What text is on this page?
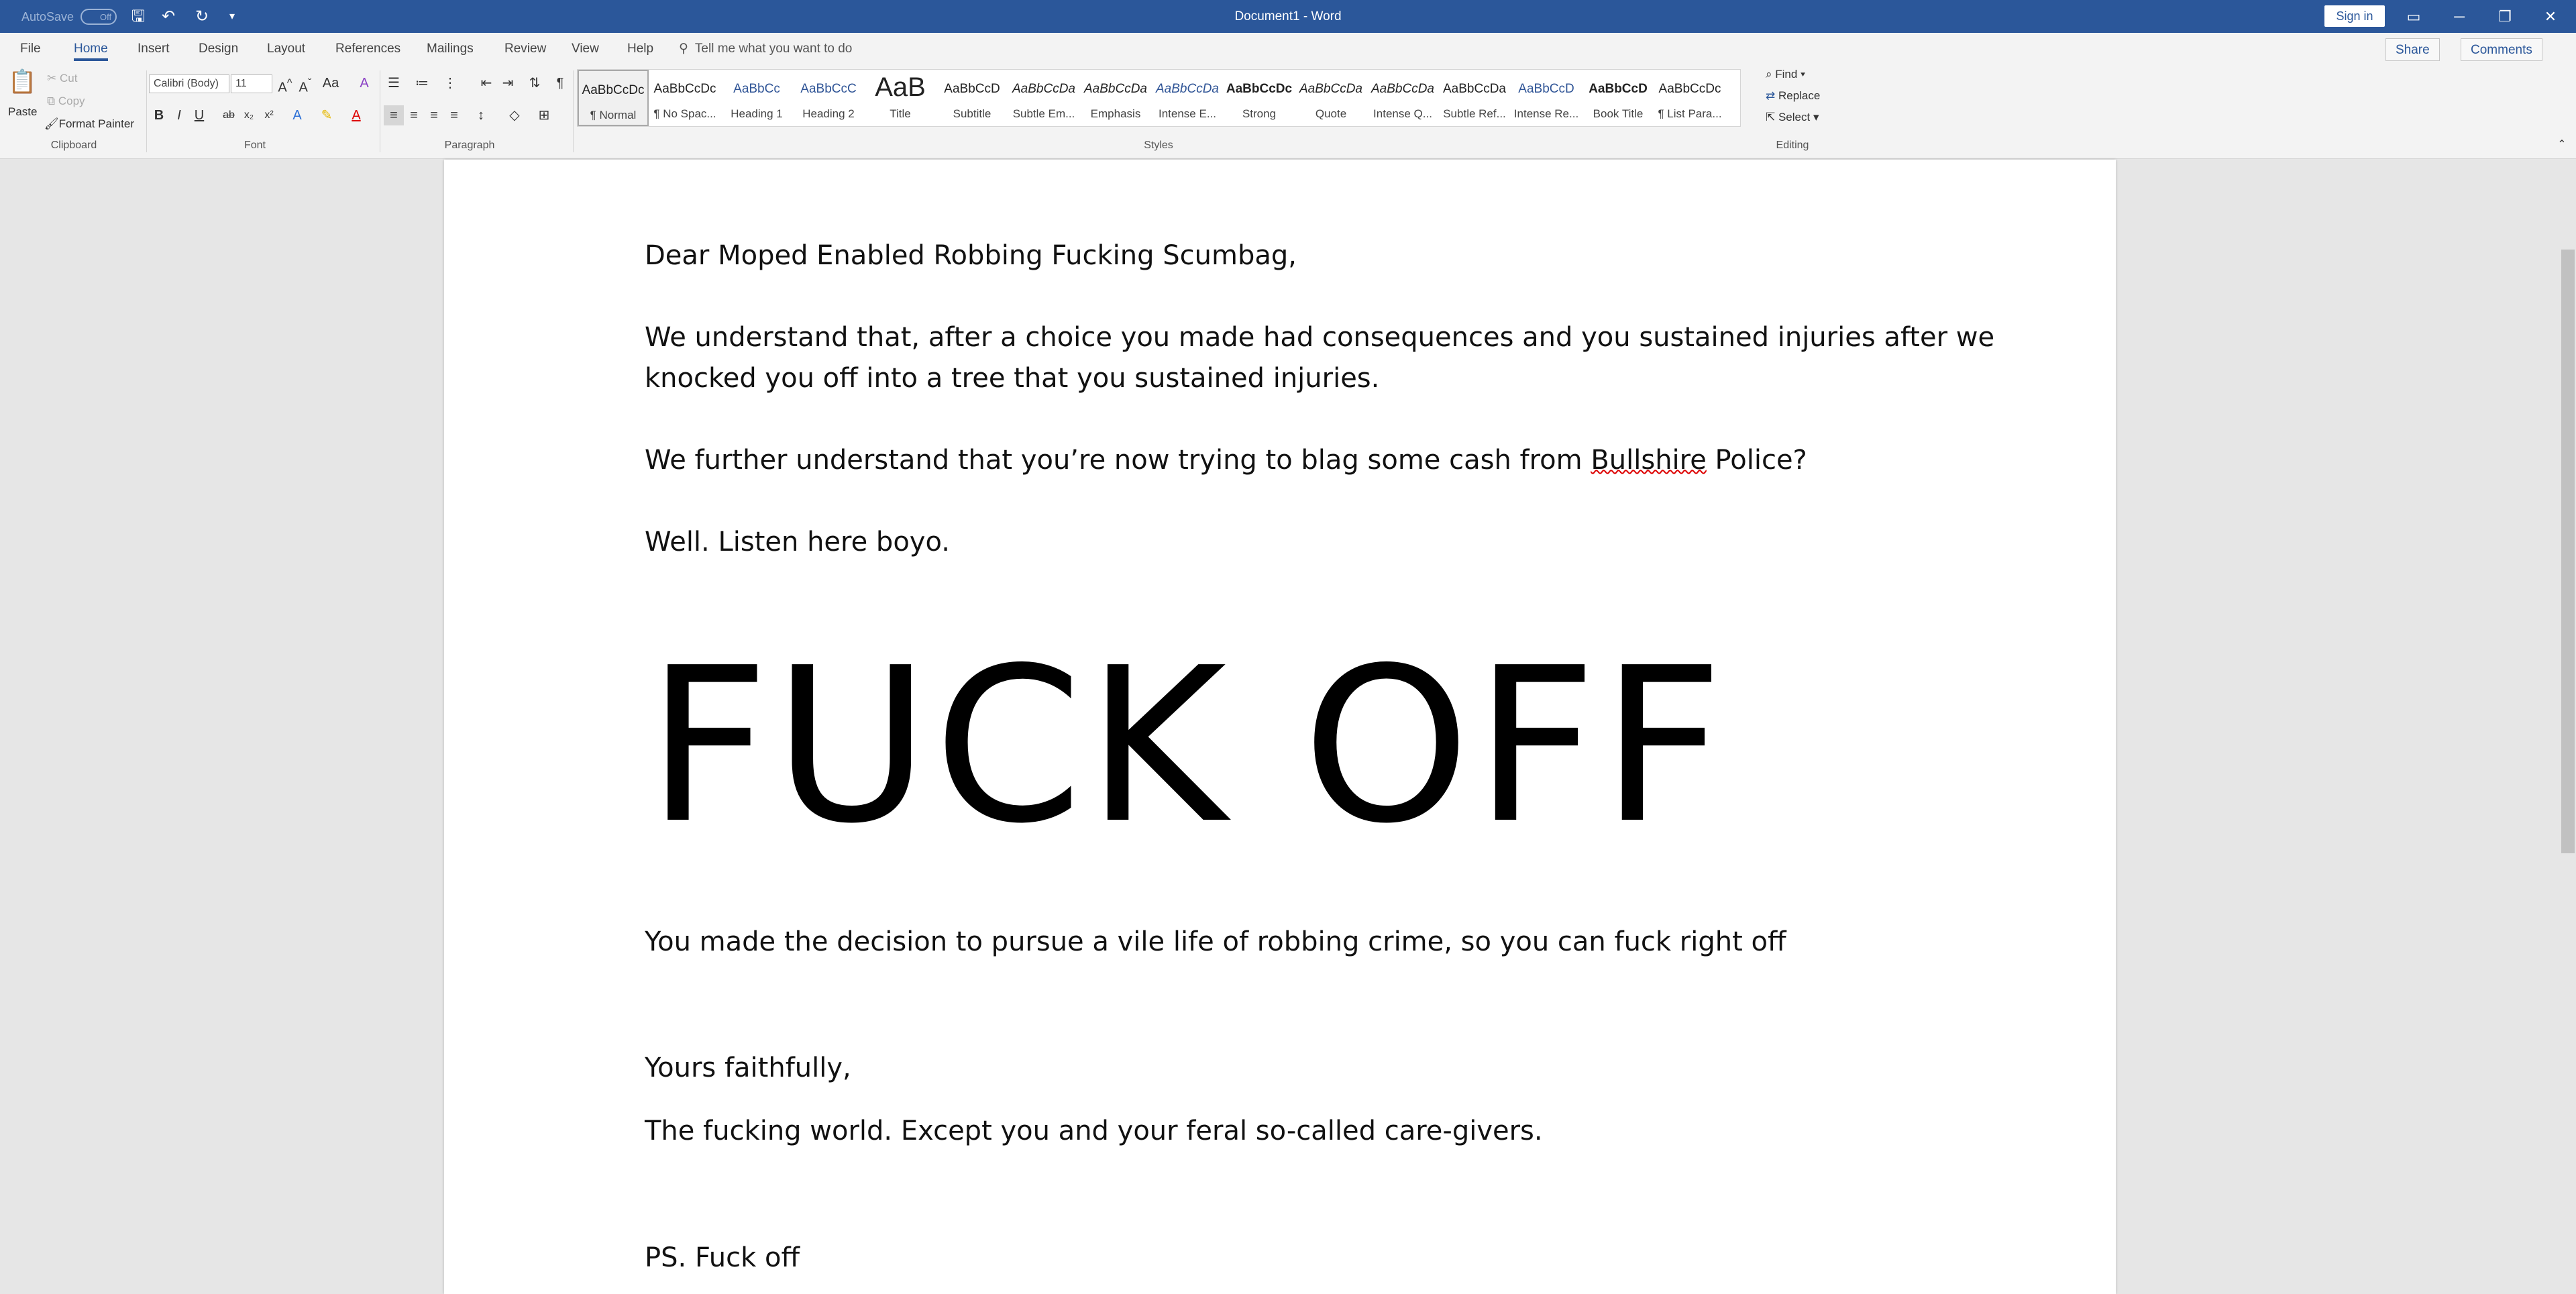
AutoSave	Off	🖫 ↶ ↻	▾	Document1 - Word	Sign in	▭	─	❐	✕
File	Home Insert Design Layout References Mailings Review View Help ⚲ Tell me what you want to do	Share	Comments
📋
Paste
✂ Cut
⧉ Copy
🖌Format Painter
Clipboard
Calibri (Body)	11	A^ $A^ˇ$ Aa	A
B	I U	ab x₂	x²	A	✎	A
Font
☰	≔ ⋮	⇤ ⇥	⇅	¶
≡ ≡ ≡ ≡	↕	◇	⊞
Paragraph
⌕ Find ▾
⇄ Replace
⇱ Select ▾
Editing
Styles	⌃
AaBbCcDc
¶ Normal
AaBbCcDc
¶ No Spac...
AaBbCc
Heading 1
AaBbCcC
Heading 2
AaB
Title
AaBbCcD
Subtitle
AaBbCcDa
Subtle Em...
AaBbCcDa
Emphasis
AaBbCcDa
Intense E...
AaBbCcDc
Strong
AaBbCcDa
Quote
AaBbCcDa
Intense Q...
AaBbCcDa
Subtle Ref...
AaBbCcD
Intense Re...
AaBbCcD
Book Title
AaBbCcDc
¶ List Para...
Dear Moped Enabled Robbing Fucking Scumbag,
We understand that, after a choice you made had consequences and you sustained injuries after we
knocked you off into a tree that you sustained injuries.
We further understand that you’re now trying to blag some cash from Bullshire Police?
Well. Listen here boyo.
FUCK OFF
You made the decision to pursue a vile life of robbing crime, so you can fuck right off
Yours faithfully,
The fucking world. Except you and your feral so-called care-givers.
PS. Fuck off
